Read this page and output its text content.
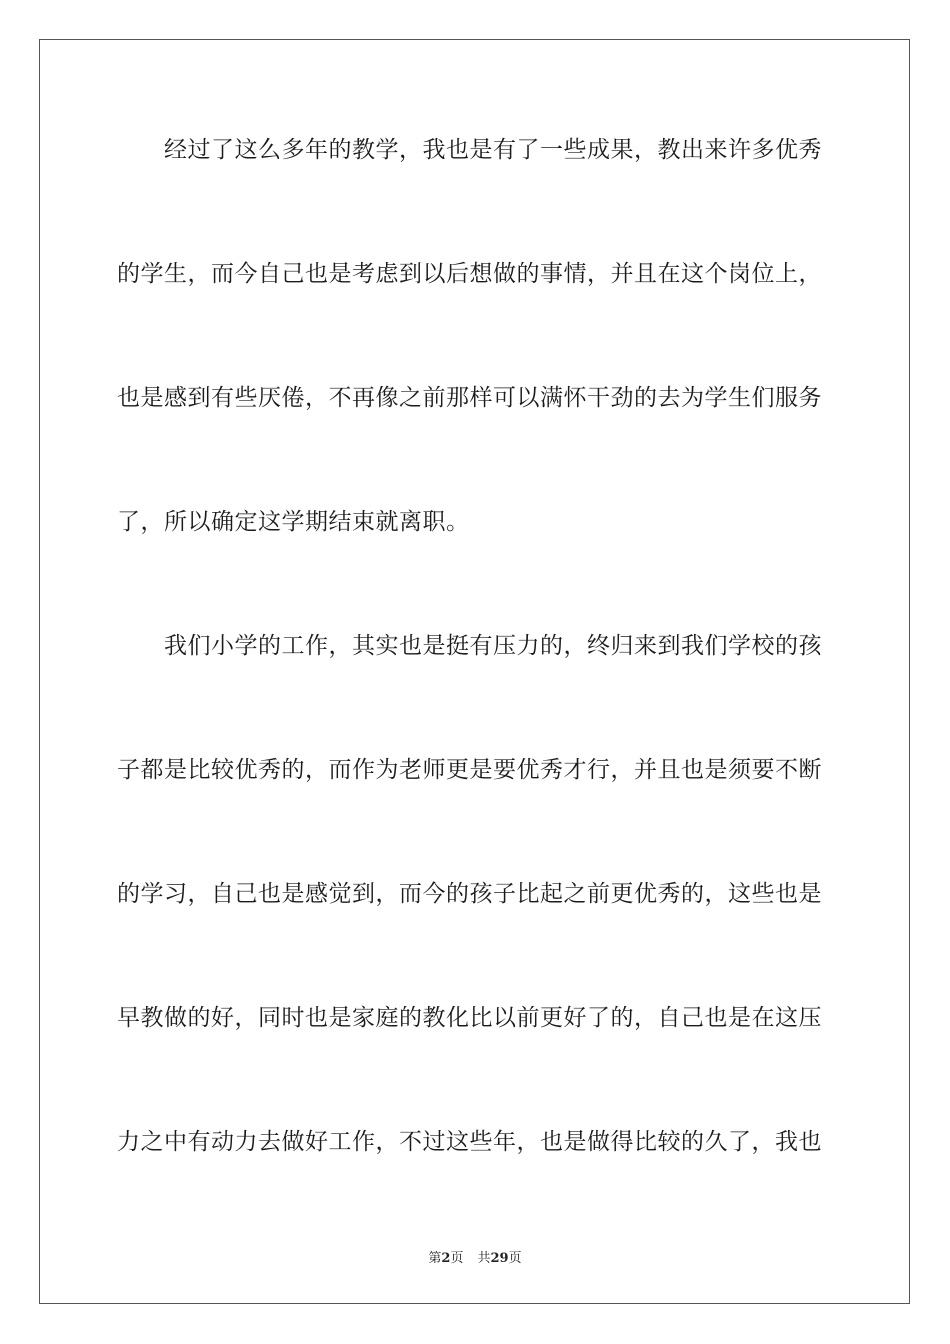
经过了这么多年的教学，我也是有了一些成果，教出来许多优秀
的学生，而今自己也是考虑到以后想做的事情，并且在这个岗位上，
也是感到有些厌倦，不再像之前那样可以满怀干劲的去为学生们服务
了，所以确定这学期结束就离职。
我们小学的工作，其实也是挺有压力的，终归来到我们学校的孩
子都是比较优秀的，而作为老师更是要优秀才行，并且也是须要不断
的学习，自己也是感觉到，而今的孩子比起之前更优秀的，这些也是
早教做的好，同时也是家庭的教化比以前更好了的，自己也是在这压
力之中有动力去做好工作，不过这些年，也是做得比较的久了，我也
第2页 共29页
